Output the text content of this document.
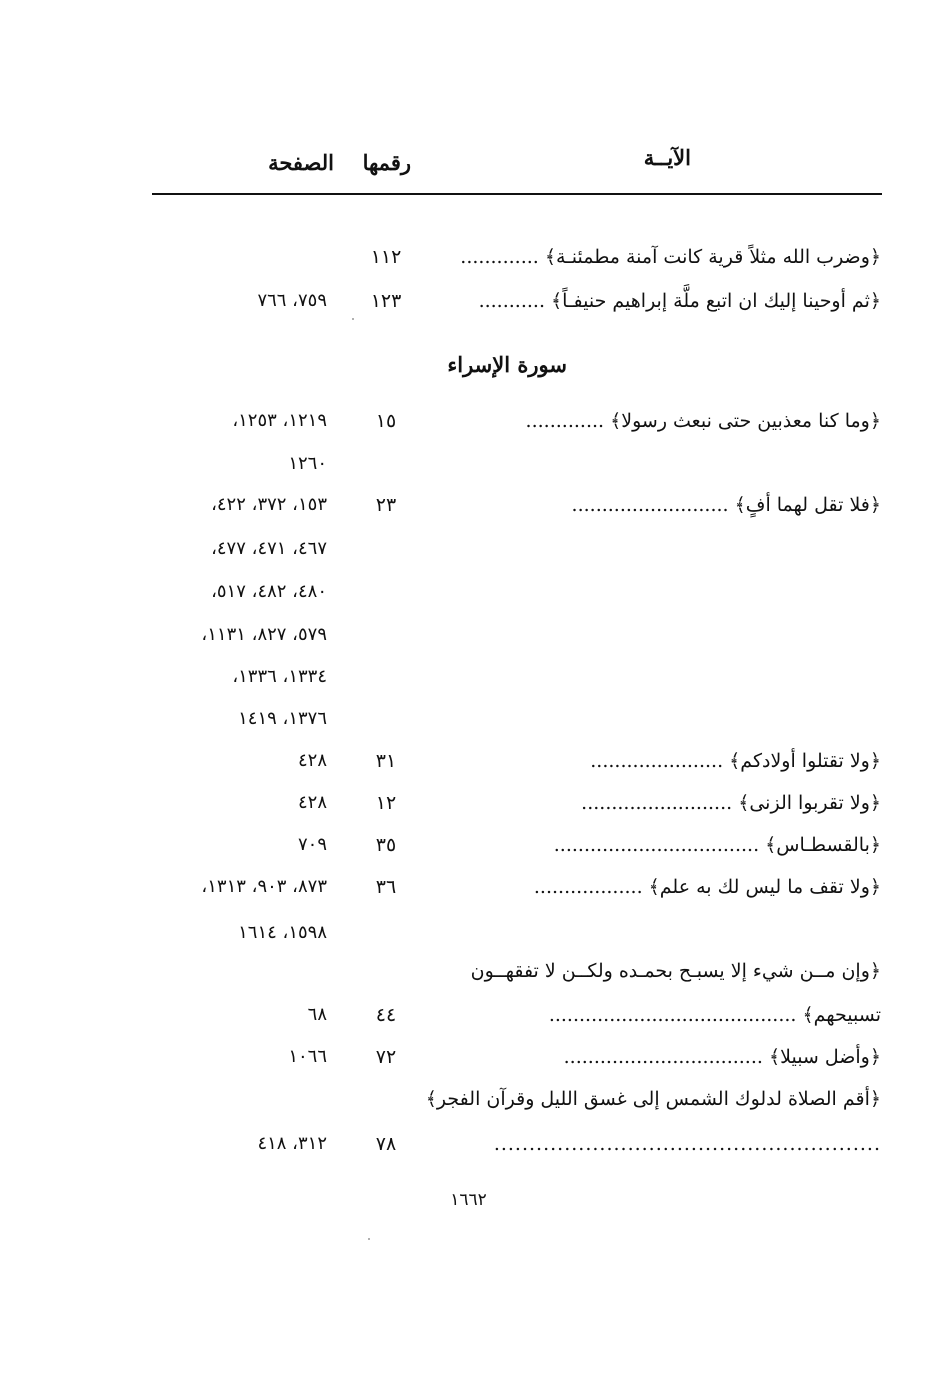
الآيــة
رقمها
الصفحة
﴿وضرب الله مثلاً قرية كانت آمنة مطمئنـة﴾ .............
١١٢
﴿ثم أوحينا إليك ان اتبع ملَّة إبراهيم حنيفـاً﴾ ...........
١٢٣
٧٥٩، ٧٦٦
سورة الإسراء
﴿وما كنا معذبين حتى نبعث رسولا﴾ .............
١٥
١٢١٩، ١٢٥٣،
١٢٦٠
﴿فلا تقل لهما أفٍ﴾ ..........................
٢٣
١٥٣، ٣٧٢، ٤٢٢،
٤٦٧، ٤٧١، ٤٧٧،
٤٨٠، ٤٨٢، ٥١٧،
٥٧٩، ٨٢٧، ١١٣١،
١٣٣٤، ١٣٣٦،
١٣٧٦، ١٤١٩
﴿ولا تقتلوا أولادكم﴾ ......................
٣١
٤٢٨
﴿ولا تقربوا الزنى﴾ .........................
١٢
٤٢٨
﴿بالقسطـاس﴾ ..................................
٣٥
٧٠٩
﴿ولا تقف ما ليس لك به علم﴾ ..................
٣٦
٨٧٣، ٩٠٣، ١٣١٣،
١٥٩٨، ١٦١٤
﴿وإن مــن شيء إلا يسبـح بحمـده ولكــن لا تفقهــون
تسبيحهم﴾ .........................................
٤٤
٦٨
﴿وأضل سبيلا﴾ .................................
٧٢
١٠٦٦
﴿أقم الصلاة لدلوك الشمس إلى غسق الليل وقرآن الفجر﴾
.......................................................
٧٨
٣١٢، ٤١٨
١٦٦٢
